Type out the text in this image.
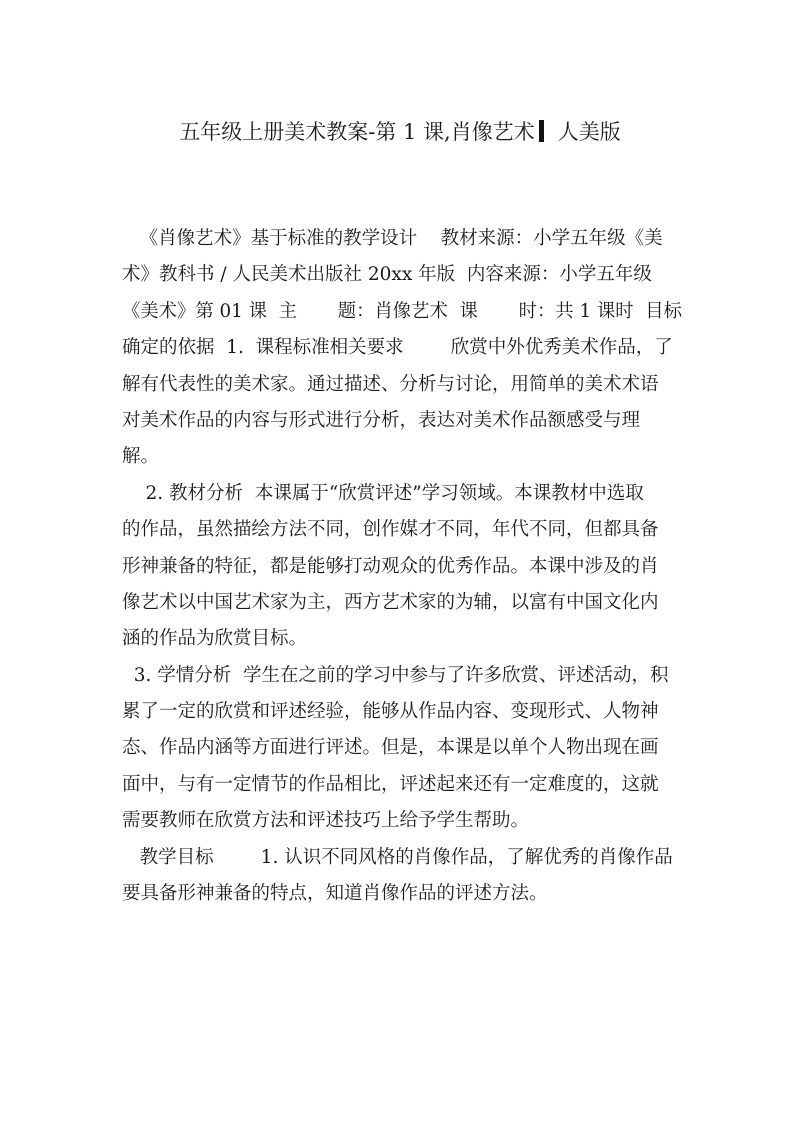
五年级上册美术教案-第 1 课,肖像艺术 人美版
《肖像艺术》基于标准的教学设计    教材来源：小学五年级《美
术》教科书 / 人民美术出版社 20xx 年版  内容来源：小学五年级
《美术》第 01 课  主       题：肖像艺术  课       时：共 1 课时  目标
确定的依据  1.  课程标准相关要求        欣赏中外优秀美术作品，了
解有代表性的美术家。通过描述、分析与讨论，用简单的美术术语
对美术作品的内容与形式进行分析，表达对美术作品额感受与理
解。
2. 教材分析  本课属于“欣赏评述”学习领域。本课教材中选取
的作品，虽然描绘方法不同，创作媒才不同，年代不同，但都具备
形神兼备的特征，都是能够打动观众的优秀作品。本课中涉及的肖
像艺术以中国艺术家为主，西方艺术家的为辅，以富有中国文化内
涵的作品为欣赏目标。
3. 学情分析  学生在之前的学习中参与了许多欣赏、评述活动，积
累了一定的欣赏和评述经验，能够从作品内容、变现形式、人物神
态、作品内涵等方面进行评述。但是，本课是以单个人物出现在画
面中，与有一定情节的作品相比，评述起来还有一定难度的，这就
需要教师在欣赏方法和评述技巧上给予学生帮助。
教学目标        1. 认识不同风格的肖像作品，了解优秀的肖像作品
要具备形神兼备的特点，知道肖像作品的评述方法。
